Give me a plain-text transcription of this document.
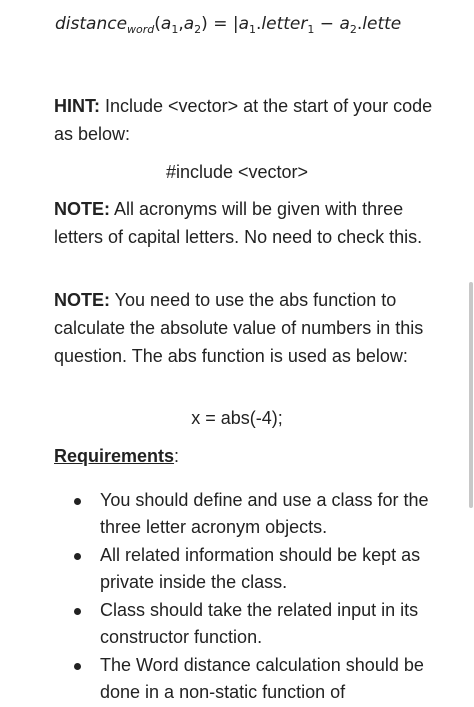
$distance_{word}(a_1,a_2)$ = $|a_1.letter_1$ − $a_2.lette$
HINT: Include <vector> at the start of your code as below:
#include <vector>
NOTE: All acronyms will be given with three letters of capital letters. No need to check this.
NOTE: You need to use the abs function to calculate the absolute value of numbers in this question. The abs function is used as below:
x = abs(-4);
Requirements:
You should define and use a class for the three letter acronym objects.
All related information should be kept as private inside the class.
Class should take the related input in its constructor function.
The Word distance calculation should be done in a non-static function of
